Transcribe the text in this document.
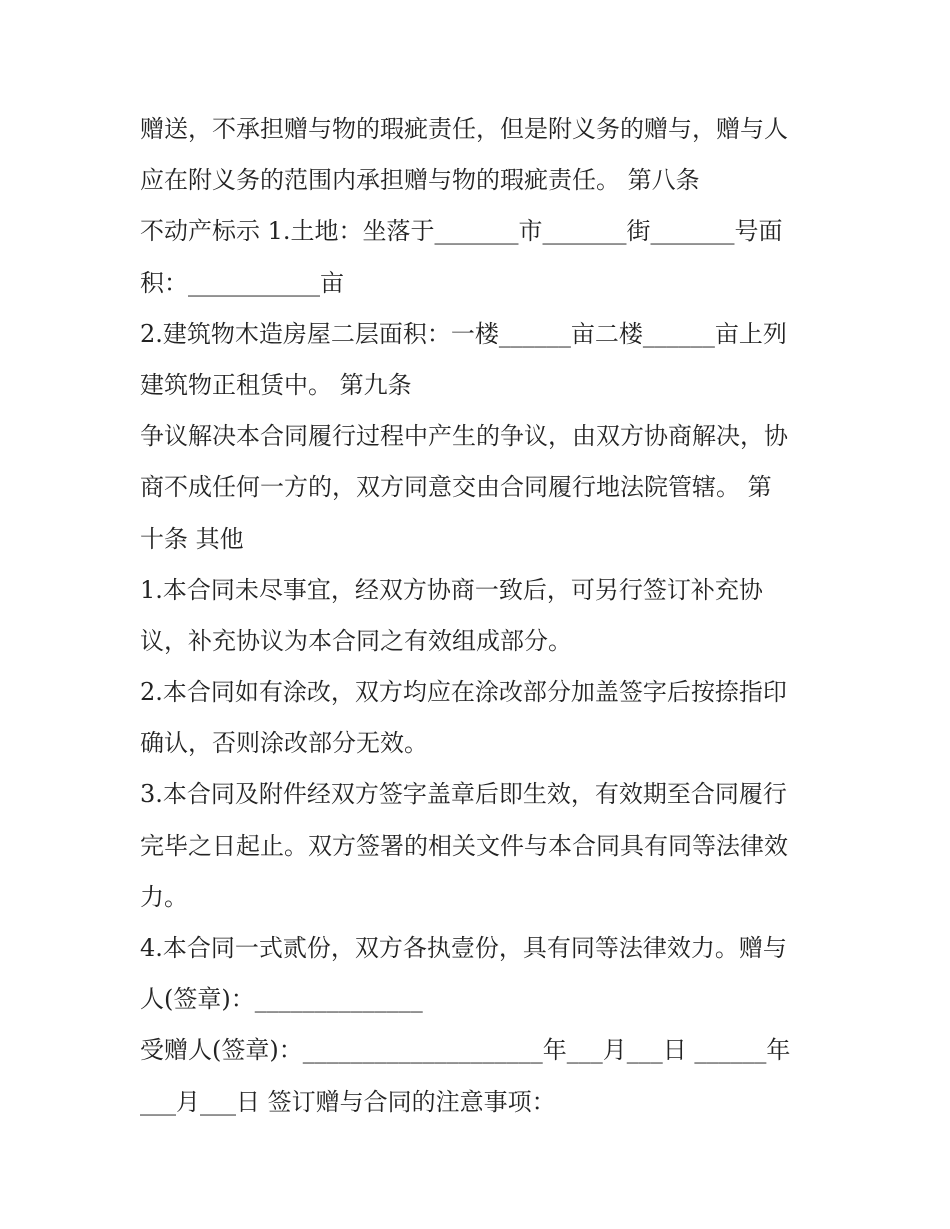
赠送，不承担赠与物的瑕疵责任，但是附义务的赠与，赠与人
应在附义务的范围内承担赠与物的瑕疵责任。 第八条
不动产标示 1.土地：坐落于_______市_______街_______号面
积：___________亩
2.建筑物木造房屋二层面积：一楼______亩二楼______亩上列
建筑物正租赁中。 第九条
争议解决本合同履行过程中产生的争议，由双方协商解决，协
商不成任何一方的，双方同意交由合同履行地法院管辖。 第
十条 其他
1.本合同未尽事宜，经双方协商一致后，可另行签订补充协
议，补充协议为本合同之有效组成部分。
2.本合同如有涂改，双方均应在涂改部分加盖签字后按捺指印
确认，否则涂改部分无效。
3.本合同及附件经双方签字盖章后即生效，有效期至合同履行
完毕之日起止。双方签署的相关文件与本合同具有同等法律效
力。
4.本合同一式贰份，双方各执壹份，具有同等法律效力。赠与
人(签章)：______________
受赠人(签章)：____________________年___月___日 ______年
___月___日 签订赠与合同的注意事项：
